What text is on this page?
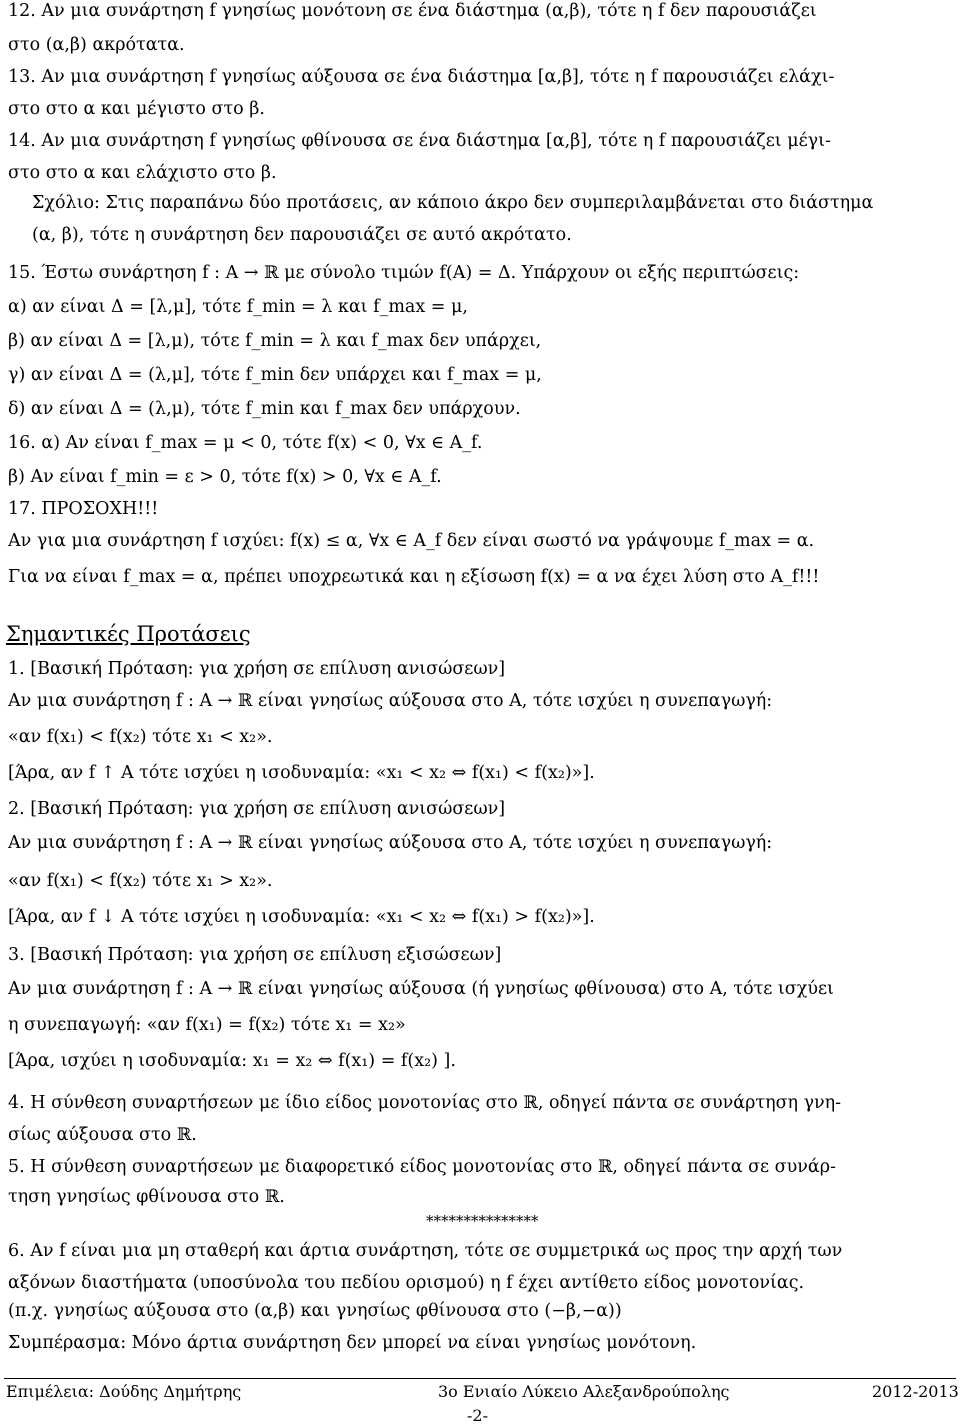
12. Αν μια συνάρτηση f γνησίως μονότονη σε ένα διάστημα (α,β), τότε η f δεν παρουσιάζει
στο (α,β) ακρότατα.
13. Αν μια συνάρτηση f γνησίως αύξουσα σε ένα διάστημα [α,β], τότε η f παρουσιάζει ελάχι-
στο στο α και μέγιστο στο β.
14. Αν μια συνάρτηση f γνησίως φθίνουσα σε ένα διάστημα [α,β], τότε η f παρουσιάζει μέγι-
στο στο α και ελάχιστο στο β.
Σχόλιο: Στις παραπάνω δύο προτάσεις, αν κάποιο άκρο δεν συμπεριλαμβάνεται στο διάστημα
(α, β), τότε η συνάρτηση δεν παρουσιάζει σε αυτό ακρότατο.
15. Έστω συνάρτηση f : A → ℝ με σύνολο τιμών f(A) = Δ. Υπάρχουν οι εξής περιπτώσεις:
α) αν είναι Δ = [λ,μ], τότε f_min = λ και f_max = μ,
β) αν είναι Δ = [λ,μ), τότε f_min = λ και f_max δεν υπάρχει,
γ) αν είναι Δ = (λ,μ], τότε f_min δεν υπάρχει και f_max = μ,
δ) αν είναι Δ = (λ,μ), τότε f_min και f_max δεν υπάρχουν.
16. α) Αν είναι f_max = μ < 0, τότε f(x) < 0, ∀x ∈ A_f.
β) Αν είναι f_min = ε > 0, τότε f(x) > 0, ∀x ∈ A_f.
17. ΠΡΟΣΟΧΗ!!!
Αν για μια συνάρτηση f ισχύει: f(x) ≤ α, ∀x ∈ A_f δεν είναι σωστό να γράψουμε f_max = α.
Για να είναι f_max = α, πρέπει υποχρεωτικά και η εξίσωση f(x) = α να έχει λύση στο A_f!!!
Σημαντικές Προτάσεις
1. [Βασική Πρόταση: για χρήση σε επίλυση ανισώσεων]
Αν μια συνάρτηση f : A → ℝ είναι γνησίως αύξουσα στο Α, τότε ισχύει η συνεπαγωγή:
«αν f(x₁) < f(x₂) τότε x₁ < x₂».
[Άρα, αν f ↑ A τότε ισχύει η ισοδυναμία: «x₁ < x₂ ⇔ f(x₁) < f(x₂)»].
2. [Βασική Πρόταση: για χρήση σε επίλυση ανισώσεων]
Αν μια συνάρτηση f : A → ℝ είναι γνησίως αύξουσα στο Α, τότε ισχύει η συνεπαγωγή:
«αν f(x₁) < f(x₂) τότε x₁ > x₂».
[Άρα, αν f ↓ A τότε ισχύει η ισοδυναμία: «x₁ < x₂ ⇔ f(x₁) > f(x₂)»].
3. [Βασική Πρόταση: για χρήση σε επίλυση εξισώσεων]
Αν μια συνάρτηση f : A → ℝ είναι γνησίως αύξουσα (ή γνησίως φθίνουσα) στο Α, τότε ισχύει
η συνεπαγωγή: «αν f(x₁) = f(x₂) τότε x₁ = x₂»
[Άρα, ισχύει η ισοδυναμία: x₁ = x₂ ⇔ f(x₁) = f(x₂) ].
4. Η σύνθεση συναρτήσεων με ίδιο είδος μονοτονίας στο ℝ, οδηγεί πάντα σε συνάρτηση γνη-
σίως αύξουσα στο ℝ.
5. Η σύνθεση συναρτήσεων με διαφορετικό είδος μονοτονίας στο ℝ, οδηγεί πάντα σε συνάρ-
τηση γνησίως φθίνουσα στο ℝ.
***************
6. Αν f είναι μια μη σταθερή και άρτια συνάρτηση, τότε σε συμμετρικά ως προς την αρχή των
αξόνων διαστήματα (υποσύνολα του πεδίου ορισμού) η f έχει αντίθετο είδος μονοτονίας.
(π.χ. γνησίως αύξουσα στο (α,β) και γνησίως φθίνουσα στο (−β,−α))
Συμπέρασμα: Μόνο άρτια συνάρτηση δεν μπορεί να είναι γνησίως μονότονη.
Επιμέλεια: Δούδης Δημήτρης	3ο Ενιαίο Λύκειο Αλεξανδρούπολης	2012-2013
-2-
